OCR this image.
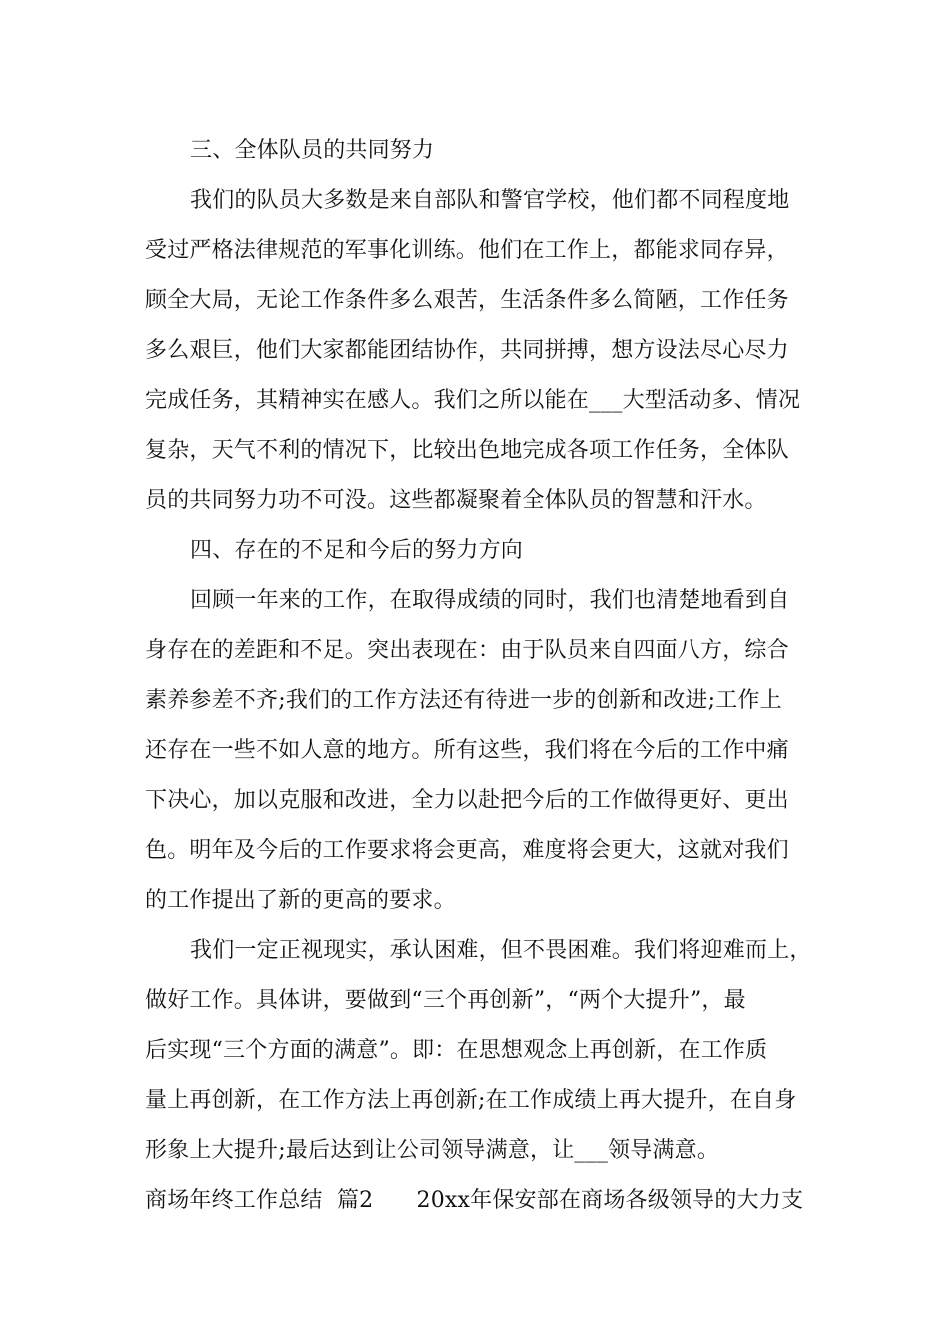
三、全体队员的共同努力
我们的队员大多数是来自部队和警官学校，他们都不同程度地
受过严格法律规范的军事化训练。他们在工作上，都能求同存异，
顾全大局，无论工作条件多么艰苦，生活条件多么简陋，工作任务
多么艰巨，他们大家都能团结协作，共同拼搏，想方设法尽心尽力
完成任务，其精神实在感人。我们之所以能在___大型活动多、情况
复杂，天气不利的情况下，比较出色地完成各项工作任务，全体队
员的共同努力功不可没。这些都凝聚着全体队员的智慧和汗水。
四、存在的不足和今后的努力方向
回顾一年来的工作，在取得成绩的同时，我们也清楚地看到自
身存在的差距和不足。突出表现在：由于队员来自四面八方，综合
素养参差不齐;我们的工作方法还有待进一步的创新和改进;工作上
还存在一些不如人意的地方。所有这些，我们将在今后的工作中痛
下决心，加以克服和改进，全力以赴把今后的工作做得更好、更出
色。明年及今后的工作要求将会更高，难度将会更大，这就对我们
的工作提出了新的更高的要求。
我们一定正视现实，承认困难，但不畏困难。我们将迎难而上，
做好工作。具体讲，要做到“三个再创新”，“两个大提升”，最
后实现“三个方面的满意”。即：在思想观念上再创新，在工作质
量上再创新，在工作方法上再创新;在工作成绩上再大提升，在自身
形象上大提升;最后达到让公司领导满意，让___领导满意。
商场年终工作总结  篇2      20xx年保安部在商场各级领导的大力支
